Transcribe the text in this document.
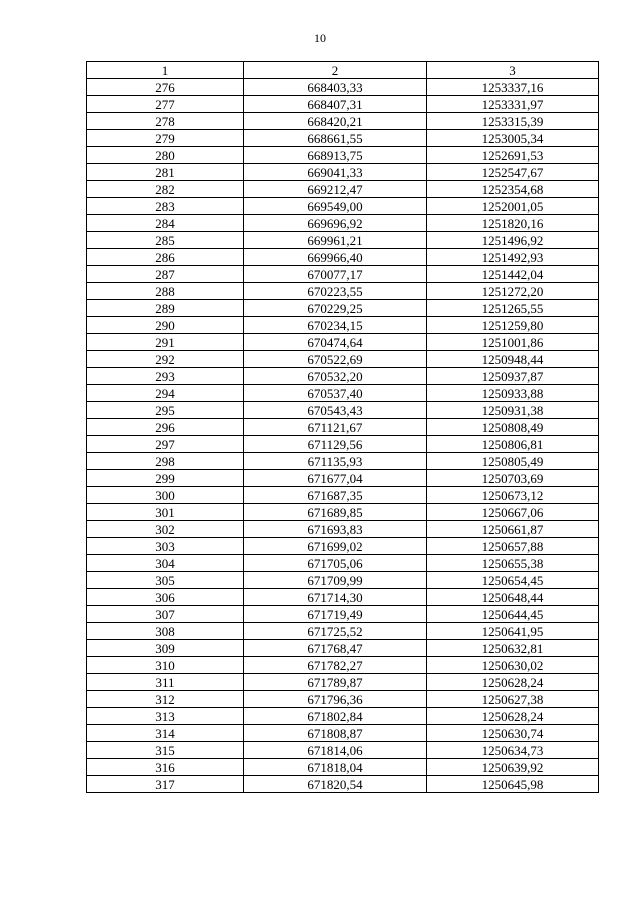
10
1	2	3
276	668403,33	1253337,16
277	668407,31	1253331,97
278	668420,21	1253315,39
279	668661,55	1253005,34
280	668913,75	1252691,53
281	669041,33	1252547,67
282	669212,47	1252354,68
283	669549,00	1252001,05
284	669696,92	1251820,16
285	669961,21	1251496,92
286	669966,40	1251492,93
287	670077,17	1251442,04
288	670223,55	1251272,20
289	670229,25	1251265,55
290	670234,15	1251259,80
291	670474,64	1251001,86
292	670522,69	1250948,44
293	670532,20	1250937,87
294	670537,40	1250933,88
295	670543,43	1250931,38
296	671121,67	1250808,49
297	671129,56	1250806,81
298	671135,93	1250805,49
299	671677,04	1250703,69
300	671687,35	1250673,12
301	671689,85	1250667,06
302	671693,83	1250661,87
303	671699,02	1250657,88
304	671705,06	1250655,38
305	671709,99	1250654,45
306	671714,30	1250648,44
307	671719,49	1250644,45
308	671725,52	1250641,95
309	671768,47	1250632,81
310	671782,27	1250630,02
311	671789,87	1250628,24
312	671796,36	1250627,38
313	671802,84	1250628,24
314	671808,87	1250630,74
315	671814,06	1250634,73
316	671818,04	1250639,92
317	671820,54	1250645,98
